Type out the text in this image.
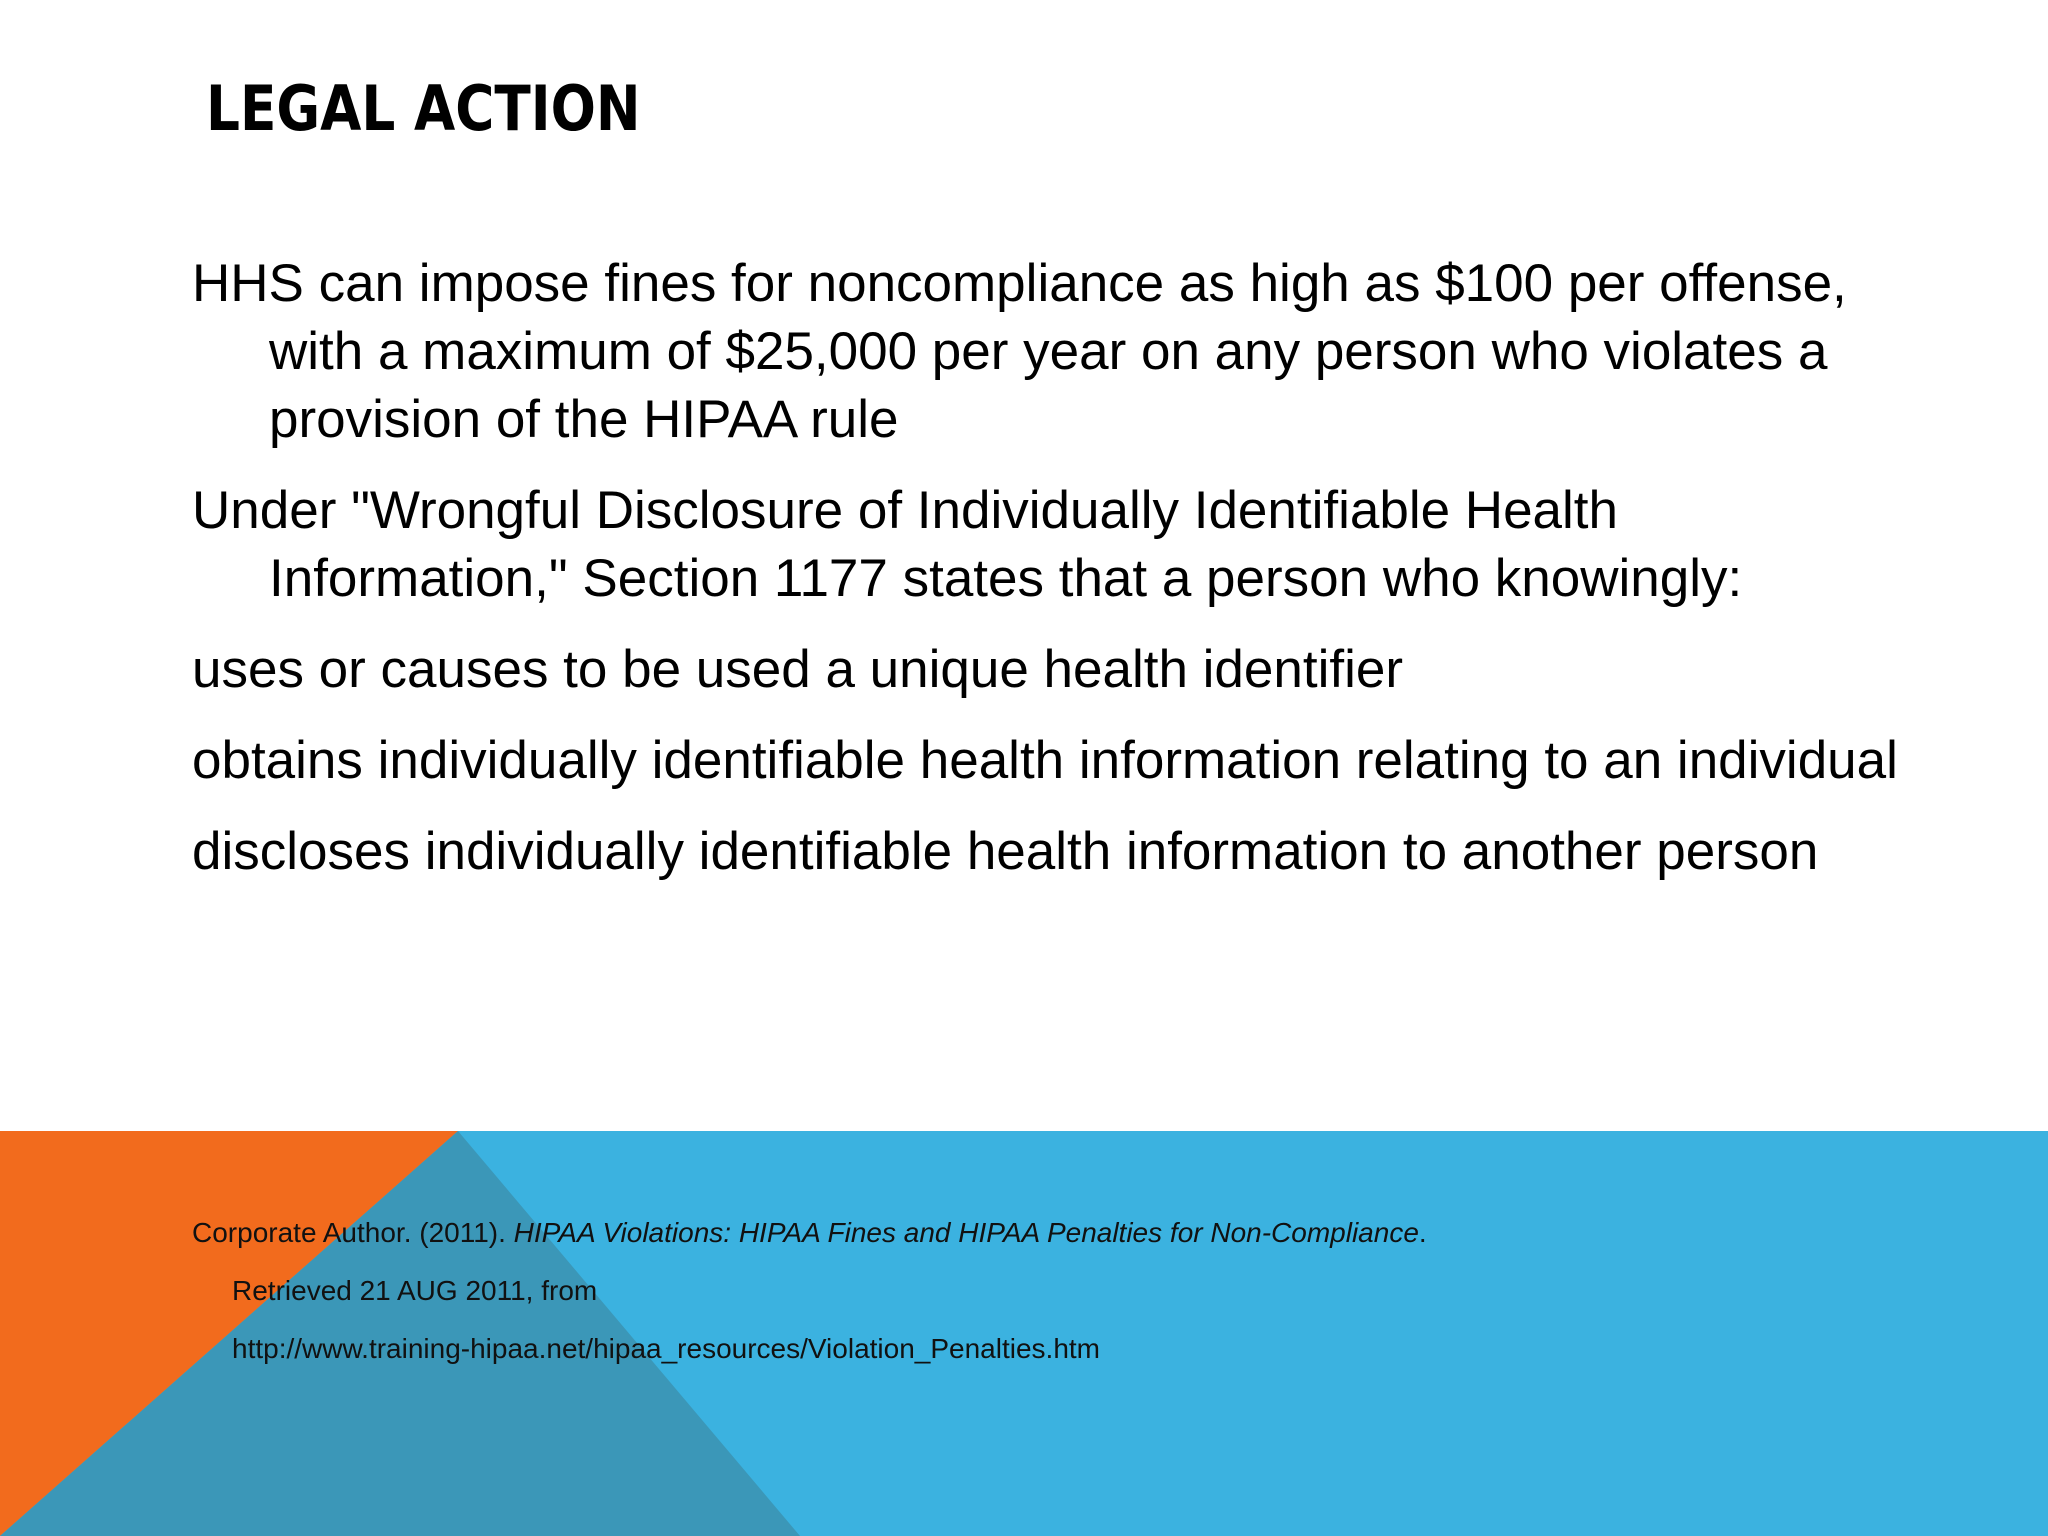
LEGAL ACTION
HHS can impose fines for noncompliance as high as $100 per offense, with a maximum of $25,000 per year on any person who violates a provision of the HIPAA rule
Under "Wrongful Disclosure of Individually Identifiable Health Information," Section 1177 states that a person who knowingly:
uses or causes to be used a unique health identifier
obtains individually identifiable health information relating to an individual
discloses individually identifiable health information to another person
Corporate Author. (2011). HIPAA Violations: HIPAA Fines and HIPAA Penalties for Non-Compliance.
Retrieved 21 AUG 2011, from
http://www.training-hipaa.net/hipaa_resources/Violation_Penalties.htm
